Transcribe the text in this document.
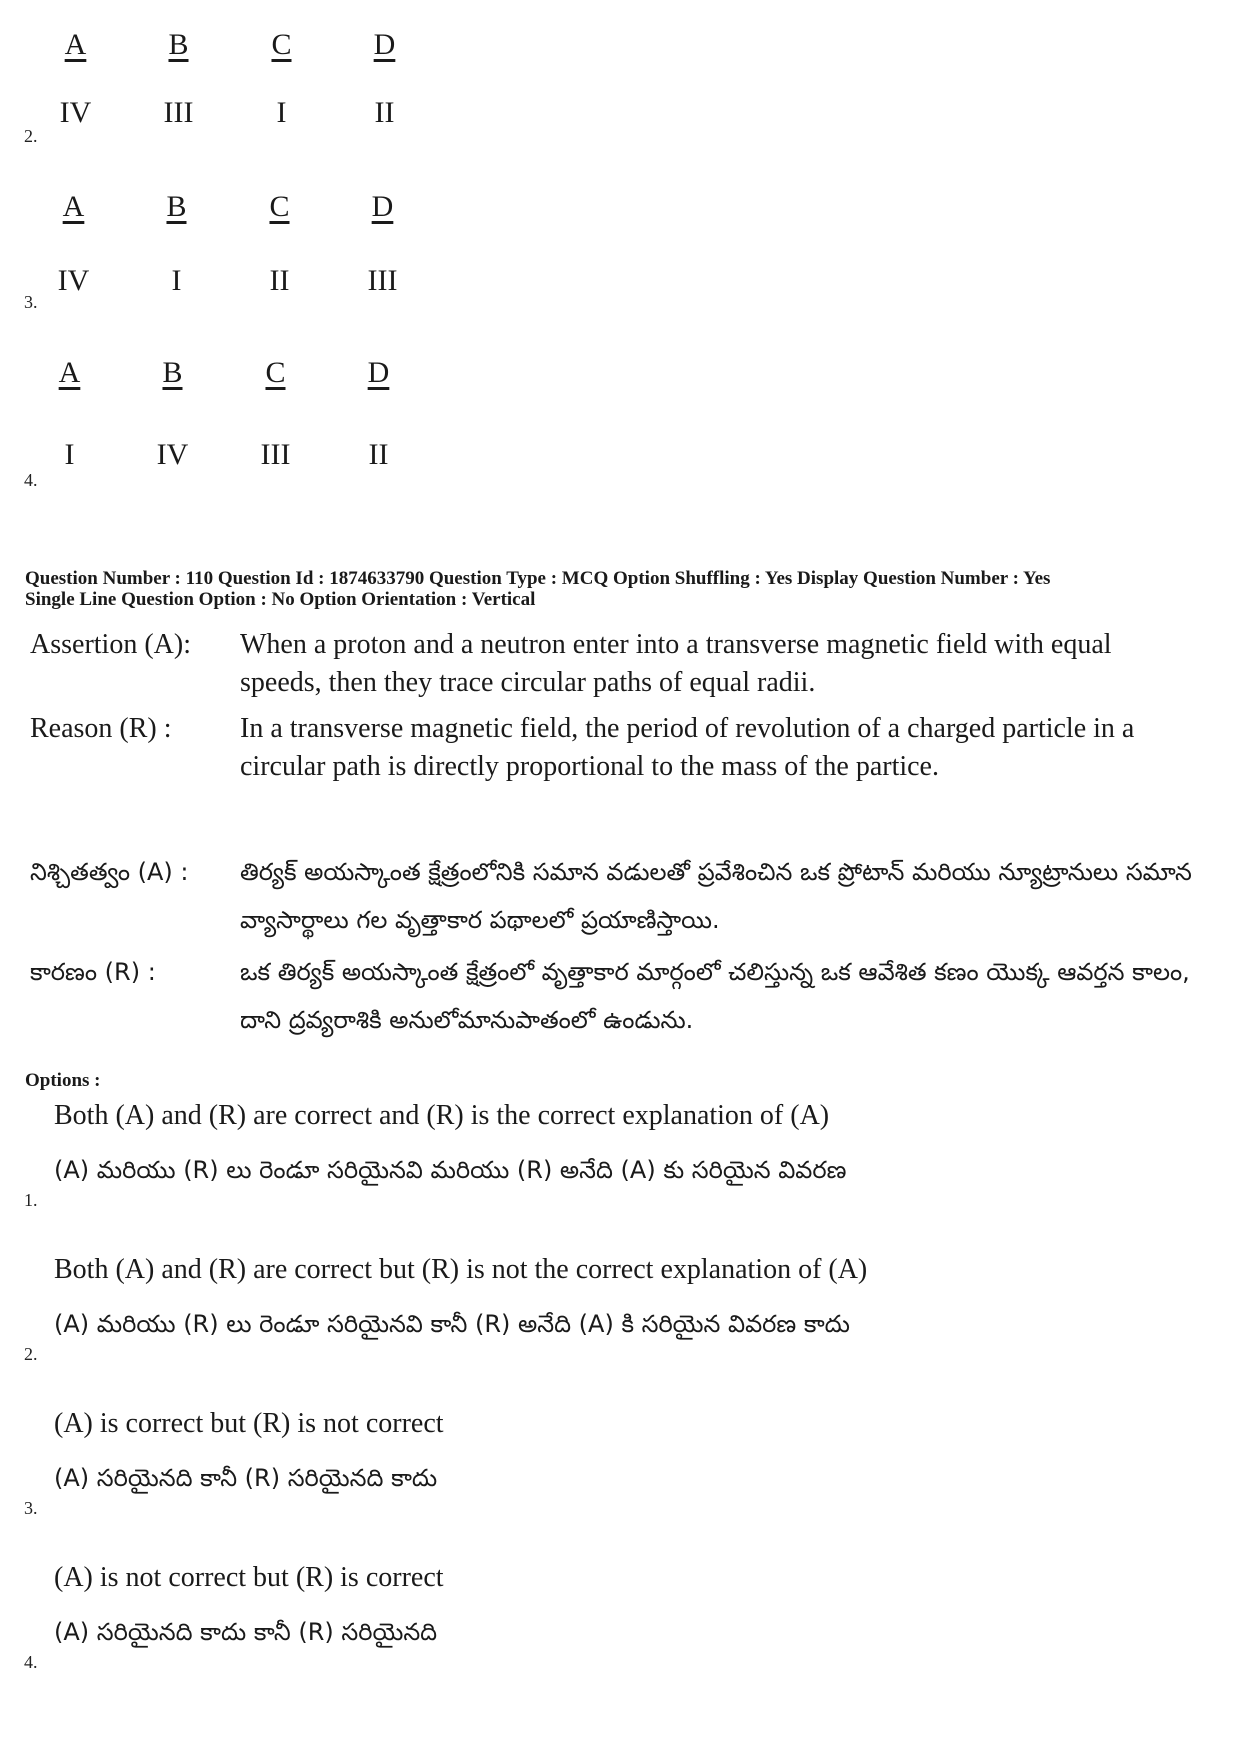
A	B	C	D
IV	III	I	II
2.
A	B	C	D
IV	I	II	III
3.
A	B	C	D
I	IV	III	II
4.
Question Number : 110 Question Id : 1874633790 Question Type : MCQ Option Shuffling : Yes Display Question Number : Yes
Single Line Question Option : No Option Orientation : Vertical
Assertion (A): When a proton and a neutron enter into a transverse magnetic field with equal speeds, then they trace circular paths of equal radii.
Reason (R) : In a transverse magnetic field, the period of revolution of a charged particle in a circular path is directly proportional to the mass of the partice.
నిశ్చితత్వం (A) : తిర్యక్ అయస్కాంత క్షేత్రంలోనికి సమాన వడులతో ప్రవేశించిన ఒక ప్రోటాన్ మరియు న్యూట్రానులు సమాన వ్యాసార్థాలు గల వృత్తాకార పథాలలో ప్రయాణిస్తాయి.
కారణం (R) :	ఒక తిర్యక్ అయస్కాంత క్షేత్రంలో వృత్తాకార మార్గంలో చలిస్తున్న ఒక ఆవేశిత కణం యొక్క ఆవర్తన కాలం, దాని ద్రవ్యరాశికి అనులోమానుపాతంలో ఉండును.
Options :
Both (A) and (R) are correct and (R) is the correct explanation of (A)
(A) మరియు (R) లు రెండూ సరియైనవి మరియు (R) అనేది (A) కు సరియైన వివరణ
1.
Both (A) and (R) are correct but (R) is not the correct explanation of (A)
(A) మరియు (R) లు రెండూ సరియైనవి కానీ (R) అనేది (A) కి సరియైన వివరణ కాదు
2.
(A) is correct but (R) is not correct
(A) సరియైనది కానీ (R) సరియైనది కాదు
3.
(A) is not correct but (R) is correct
(A) సరియైనది కాదు కానీ (R) సరియైనది
4.
